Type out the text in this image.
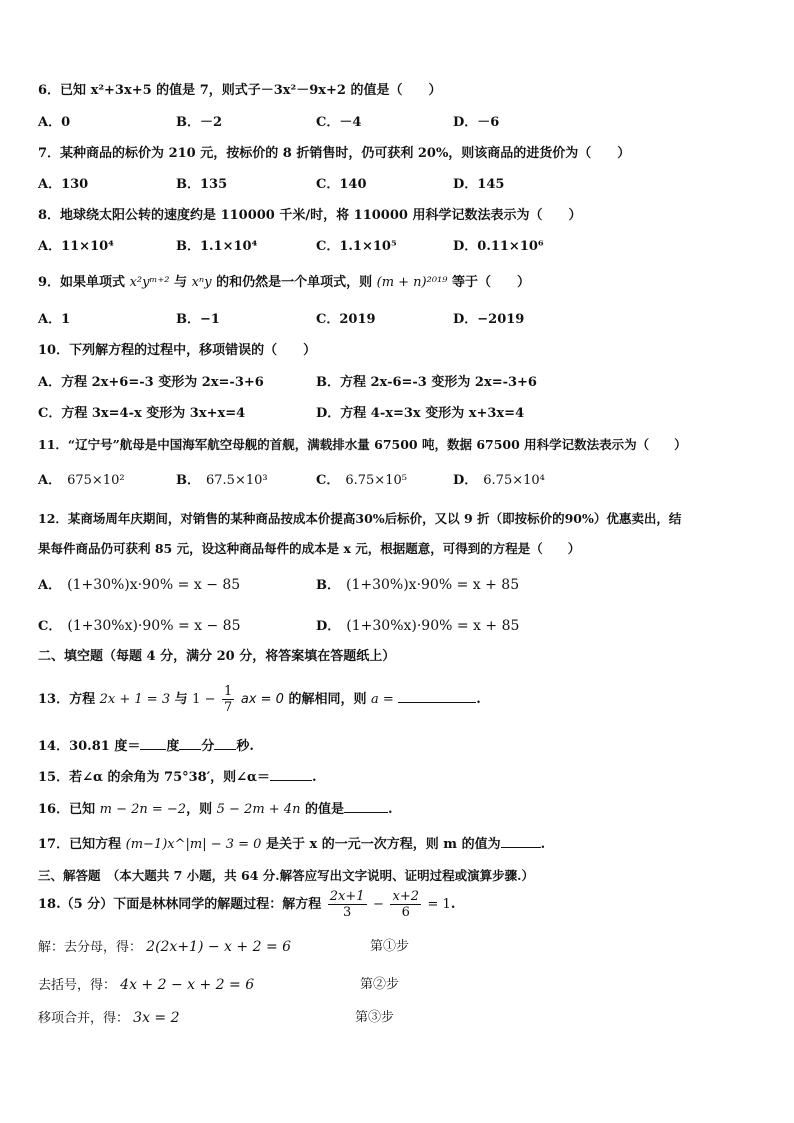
6．已知 x²+3x+5 的值是 7，则式子－3x²－9x+2 的值是（　　）
A．0	B．－2	C．－4	D．－6
7．某种商品的标价为 210 元，按标价的 8 折销售时，仍可获利 20%，则该商品的进货价为（　　）
A．130	B．135	C．140	D．145
8．地球绕太阳公转的速度约是 110000 千米/时，将 110000 用科学记数法表示为（　　）
A．11×10⁴	B．1.1×10⁴	C．1.1×10⁵	D．0.11×10⁶
9．如果单项式 x²yᵐ⁺² 与 xⁿy 的和仍然是一个单项式，则 (m + n)²⁰¹⁹ 等于（　　）
A．1	B．−1	C．2019	D．−2019
10．下列解方程的过程中，移项错误的（　　）
A．方程 2x+6=-3 变形为 2x=-3+6	B．方程 2x-6=-3 变形为 2x=-3+6
C．方程 3x=4-x 变形为 3x+x=4	D．方程 4-x=3x 变形为 x+3x=4
11．“辽宁号”航母是中国海军航空母舰的首舰，满载排水量 67500 吨，数据 67500 用科学记数法表示为（　　）
A． 675×10²	B． 67.5×10³	C． 6.75×10⁵	D． 6.75×10⁴
12．某商场周年庆期间，对销售的某种商品按成本价提高30%后标价，又以 9 折（即按标价的90%）优惠卖出，结
果每件商品仍可获利 85 元，设这种商品每件的成本是 x 元，根据题意，可得到的方程是（　　）
A． (1+30%)x·90% = x − 85	B． (1+30%)x·90% = x + 85
C． (1+30%x)·90% = x − 85	D． (1+30%x)·90% = x + 85
二、填空题（每题 4 分，满分 20 分，将答案填在答题纸上）
13．方程 2x + 1 = 3 与 $1 - \frac{1}{7}$ ax = 0 的解相同，则 a =	.
14．30.81 度＝ 度 分 秒.
15．若∠α 的余角为 75°38′，则∠α＝	.
16．已知 m − 2n = −2，则 5 − 2m + 4n 的值是	.
17．已知方程 (m−1)x^|m| − 3 = 0 是关于 x 的一元一次方程，则 m 的值为	.
三、解答题　（本大题共 7 小题，共 64 分.解答应写出文字说明、证明过程或演算步骤.）
18.（5 分）下面是林林同学的解题过程：解方程 $\frac{2x+1}{3} - \frac{x+2}{6} = 1$.
解：去分母，得： 2(2x+1) − x + 2 = 6	第①步
去括号，得： 4x + 2 − x + 2 = 6	第②步
移项合并，得： 3x = 2	第③步
